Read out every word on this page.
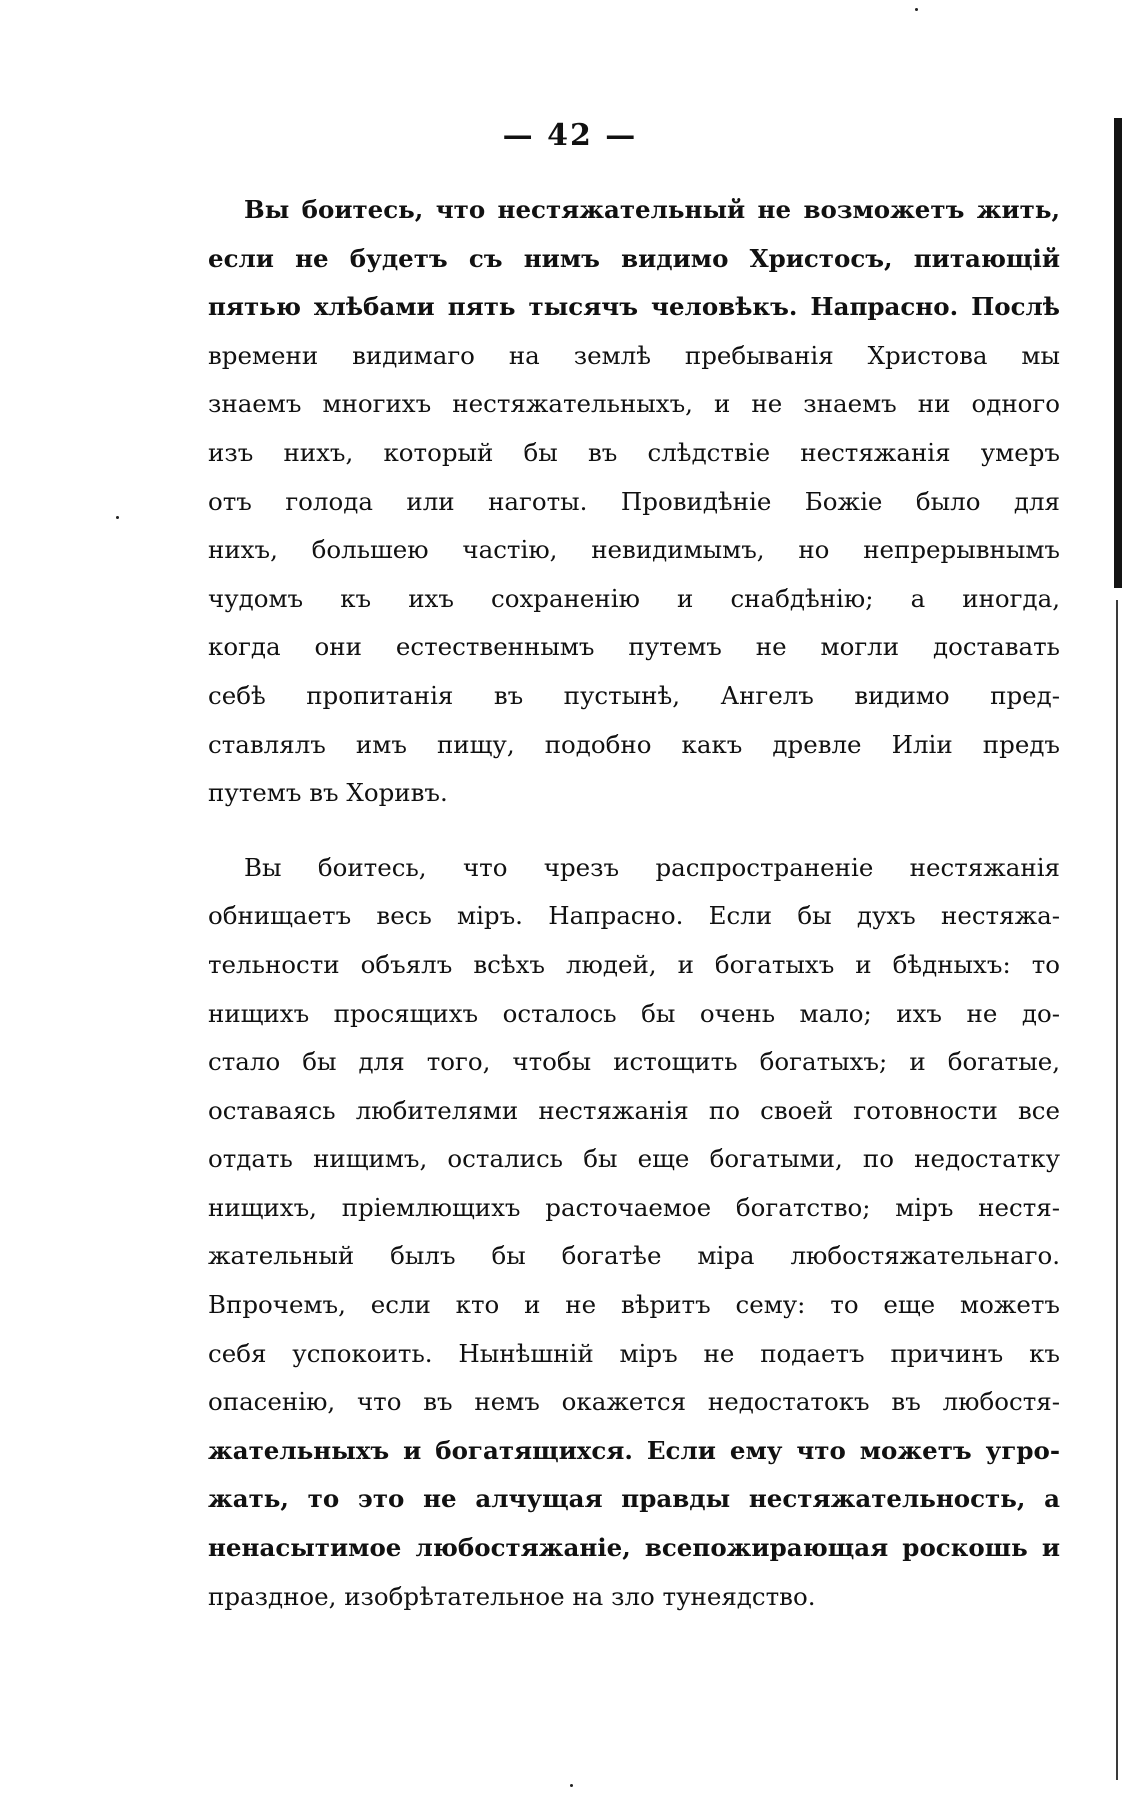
— 42 —
Вы боитесь, что нестяжательный не возможетъ жить,
если не будетъ съ нимъ видимо Христосъ, питающiй
пятью хлѣбами пять тысячъ человѣкъ. Напрасно. Послѣ
времени видимаго на землѣ пребыванiя Христова мы
знаемъ многихъ нестяжательныхъ, и не знаемъ ни одного
изъ нихъ, который бы въ слѣдствiе нестяжанiя умеръ
отъ голода или наготы. Провидѣнiе Божiе было для
нихъ, большею частiю, невидимымъ, но непрерывнымъ
чудомъ къ ихъ сохраненiю и снабдѣнiю; а иногда,
когда они естественнымъ путемъ не могли доставать
себѣ пропитанiя въ пустынѣ, Ангелъ видимо пред-
ставлялъ имъ пищу, подобно какъ древле Илiи предъ
путемъ въ Хоривъ.
Вы боитесь, что чрезъ распространенiе нестяжанiя
обнищаетъ весь мiръ. Напрасно. Если бы духъ нестяжа-
тельности объялъ всѣхъ людей, и богатыхъ и бѣдныхъ: то
нищихъ просящихъ осталось бы очень мало; ихъ не до-
стало бы для того, чтобы истощить богатыхъ; и богатые,
оставаясь любителями нестяжанiя по своей готовности все
отдать нищимъ, остались бы еще богатыми, по недостатку
нищихъ, прiемлющихъ расточаемое богатство; мiръ нестя-
жательный былъ бы богатѣе мiра любостяжательнаго.
Впрочемъ, если кто и не вѣритъ сему: то еще можетъ
себя успокоить. Нынѣшнiй мiръ не подаетъ причинъ къ
опасенiю, что въ немъ окажется недостатокъ въ любостя-
жательныхъ и богатящихся. Если ему что можетъ угро-
жать, то это не алчущая правды нестяжательность, а
ненасытимое любостяжанiе, всепожирающая роскошь и
праздное, изобрѣтательное на зло тунеядство.
